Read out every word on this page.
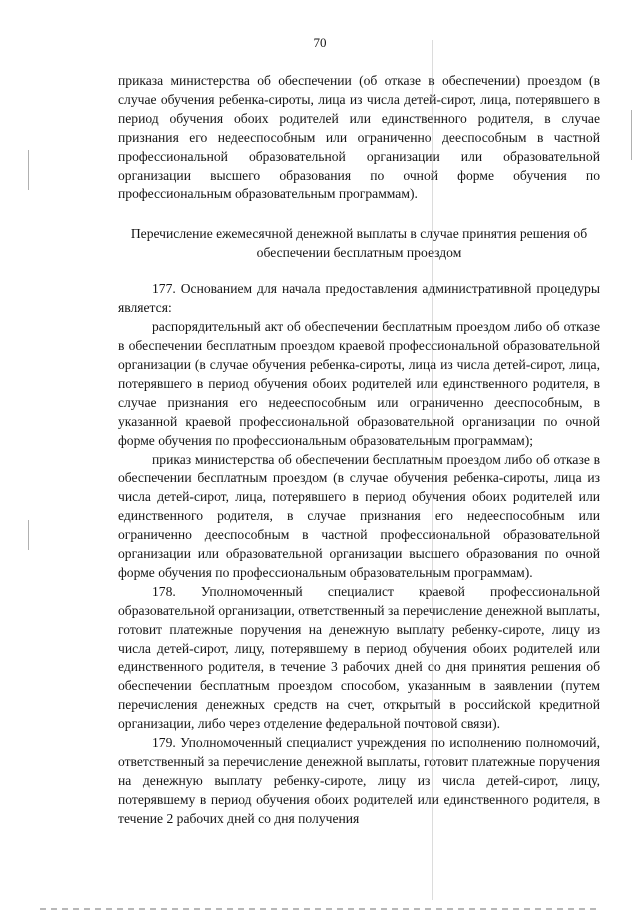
70

приказа министерства об обеспечении (об отказе в обеспечении) проездом (в случае обучения ребенка-сироты, лица из числа детей-сирот, лица, потерявшего в период обучения обоих родителей или единственного родителя, в случае признания его недееспособным или ограниченно дееспособным в частной профессиональной образовательной организации или образовательной организации высшего образования по очной форме обучения по профессиональным образовательным программам).

Перечисление ежемесячной денежной выплаты в случае принятия решения об обеспечении бесплатным проездом

177. Основанием для начала предоставления административной процедуры является:

распорядительный акт об обеспечении бесплатным проездом либо об отказе в обеспечении бесплатным проездом краевой профессиональной образовательной организации (в случае обучения ребенка-сироты, лица из числа детей-сирот, лица, потерявшего в период обучения обоих родителей или единственного родителя, в случае признания его недееспособным или ограниченно дееспособным, в указанной краевой профессиональной образовательной организации по очной форме обучения по профессиональным образовательным программам);

приказ министерства об обеспечении бесплатным проездом либо об отказе в обеспечении бесплатным проездом (в случае обучения ребенка-сироты, лица из числа детей-сирот, лица, потерявшего в период обучения обоих родителей или единственного родителя, в случае признания его недееспособным или ограниченно дееспособным в частной профессиональной образовательной организации или образовательной организации высшего образования по очной форме обучения по профессиональным образовательным программам).

178. Уполномоченный специалист краевой профессиональной образовательной организации, ответственный за перечисление денежной выплаты, готовит платежные поручения на денежную выплату ребенку-сироте, лицу из числа детей-сирот, лицу, потерявшему в период обучения обоих родителей или единственного родителя, в течение 3 рабочих дней со дня принятия решения об обеспечении бесплатным проездом способом, указанным в заявлении (путем перечисления денежных средств на счет, открытый в российской кредитной организации, либо через отделение федеральной почтовой связи).

179. Уполномоченный специалист учреждения по исполнению полномочий, ответственный за перечисление денежной выплаты, готовит платежные поручения на денежную выплату ребенку-сироте, лицу из числа детей-сирот, лицу, потерявшему в период обучения обоих родителей или единственного родителя, в течение 2 рабочих дней со дня получения
